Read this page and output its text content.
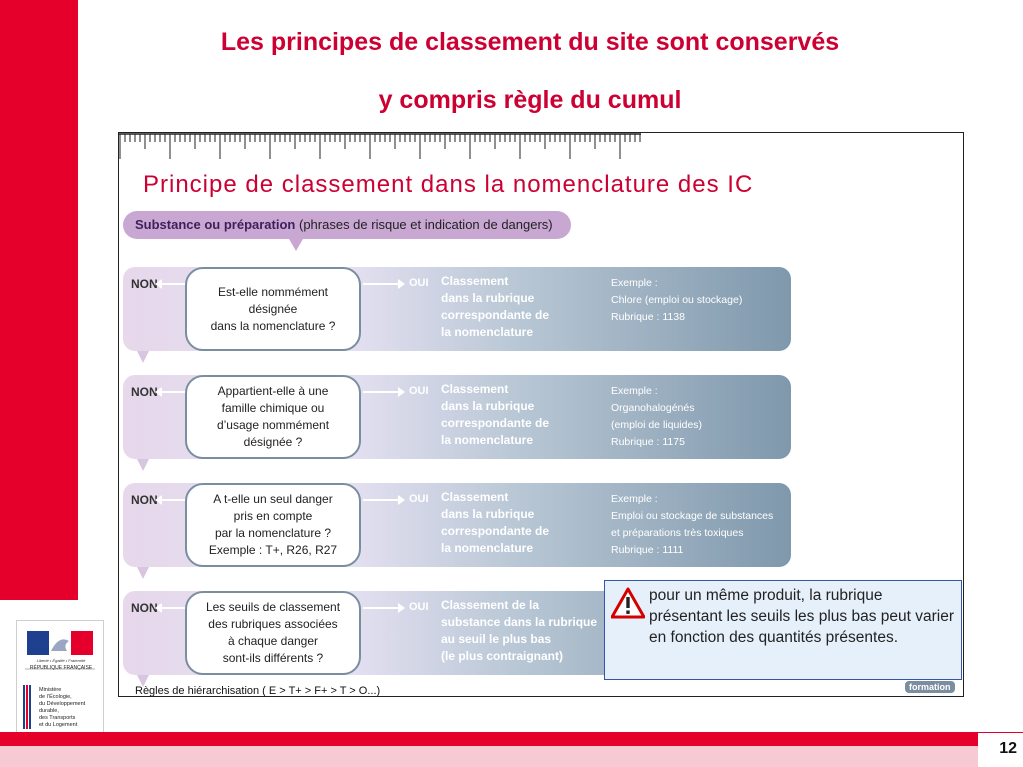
Les principes de classement du site sont conservés
y compris règle du cumul
Principe de classement dans la nomenclature des IC
Substance ou préparation (phrases de risque et indication de dangers)
NON
Est-elle nommément
désignée
dans la nomenclature ?
OUI Classement
dans la rubrique
correspondante de
la nomenclature
Exemple :
Chlore (emploi ou stockage)
Rubrique : 1138
NON	Appartient-elle à une
famille chimique ou
d’usage nommément
désignée ?
OUI Classement
dans la rubrique
correspondante de
la nomenclature
Exemple :
Organohalogénés
(emploi de liquides)
Rubrique : 1175
NON	A t-elle un seul danger
pris en compte
par la nomenclature ?
Exemple : T+, R26, R27
OUI Classement
dans la rubrique
correspondante de
la nomenclature
Exemple :
Emploi ou stockage de substances
et préparations très toxiques
Rubrique : 1111
NON	Les seuils de classement
des rubriques associées
à chaque danger
sont-ils différents ?
OUI Classement de la
substance dans la rubrique
au seuil le plus bas
(le plus contraignant)
Règles de hiérarchisation ( E > T+ > F+ > T > O...)	formation
pour un même produit, la rubrique présentant les seuils les plus bas peut varier en fonction des quantités présentes.
Liberté • Égalité • Fraternité
RÉPUBLIQUE FRANÇAISE
Ministère
de l’Écologie,
du Développement
durable,
des Transports
et du Logement
12
